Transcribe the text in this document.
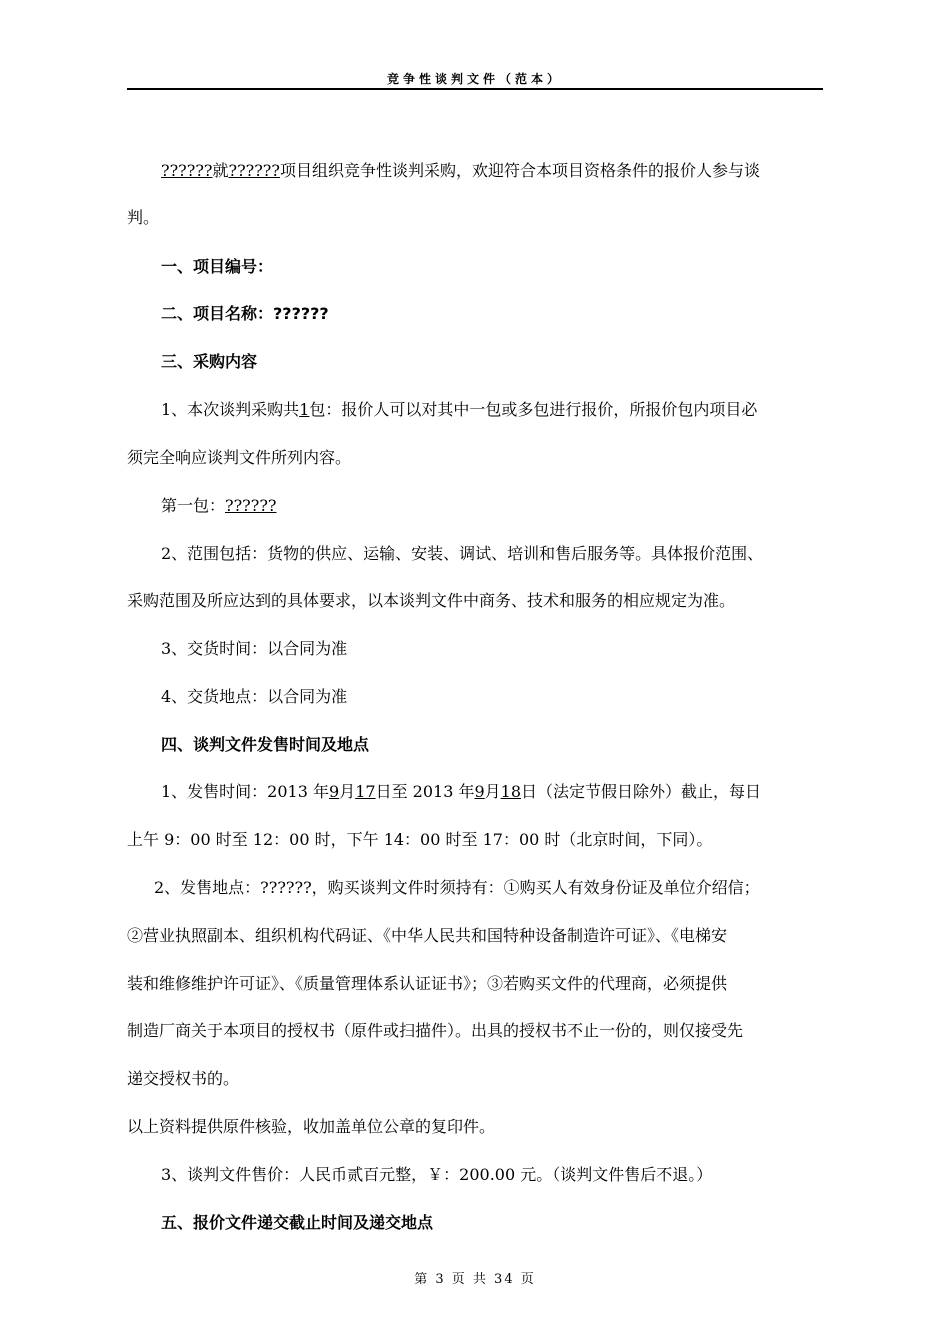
竞争性谈判文件（范本）
??????就??????项目组织竞争性谈判采购，欢迎符合本项目资格条件的报价人参与谈
判。
一、项目编号：
二、项目名称：??????
三、采购内容
1、本次谈判采购共1包：报价人可以对其中一包或多包进行报价，所报价包内项目必
须完全响应谈判文件所列内容。
第一包：??????
2、范围包括：货物的供应、运输、安装、调试、培训和售后服务等。具体报价范围、
采购范围及所应达到的具体要求，以本谈判文件中商务、技术和服务的相应规定为准。
3、交货时间：以合同为准
4、交货地点：以合同为准
四、谈判文件发售时间及地点
1、发售时间：2013 年9月17日至 2013 年9月18日（法定节假日除外）截止，每日
上午 9：00 时至 12：00 时，下午 14：00 时至 17：00 时（北京时间，下同）。
2、发售地点：??????，购买谈判文件时须持有：①购买人有效身份证及单位介绍信；
②营业执照副本、组织机构代码证、《中华人民共和国特种设备制造许可证》、《电梯安
装和维修维护许可证》、《质量管理体系认证证书》；③若购买文件的代理商，必须提供
制造厂商关于本项目的授权书（原件或扫描件）。出具的授权书不止一份的，则仅接受先
递交授权书的。
以上资料提供原件核验，收加盖单位公章的复印件。
3、谈判文件售价：人民币贰百元整，￥：200.00 元。（谈判文件售后不退。）
五、报价文件递交截止时间及递交地点
第 3 页 共 34 页
